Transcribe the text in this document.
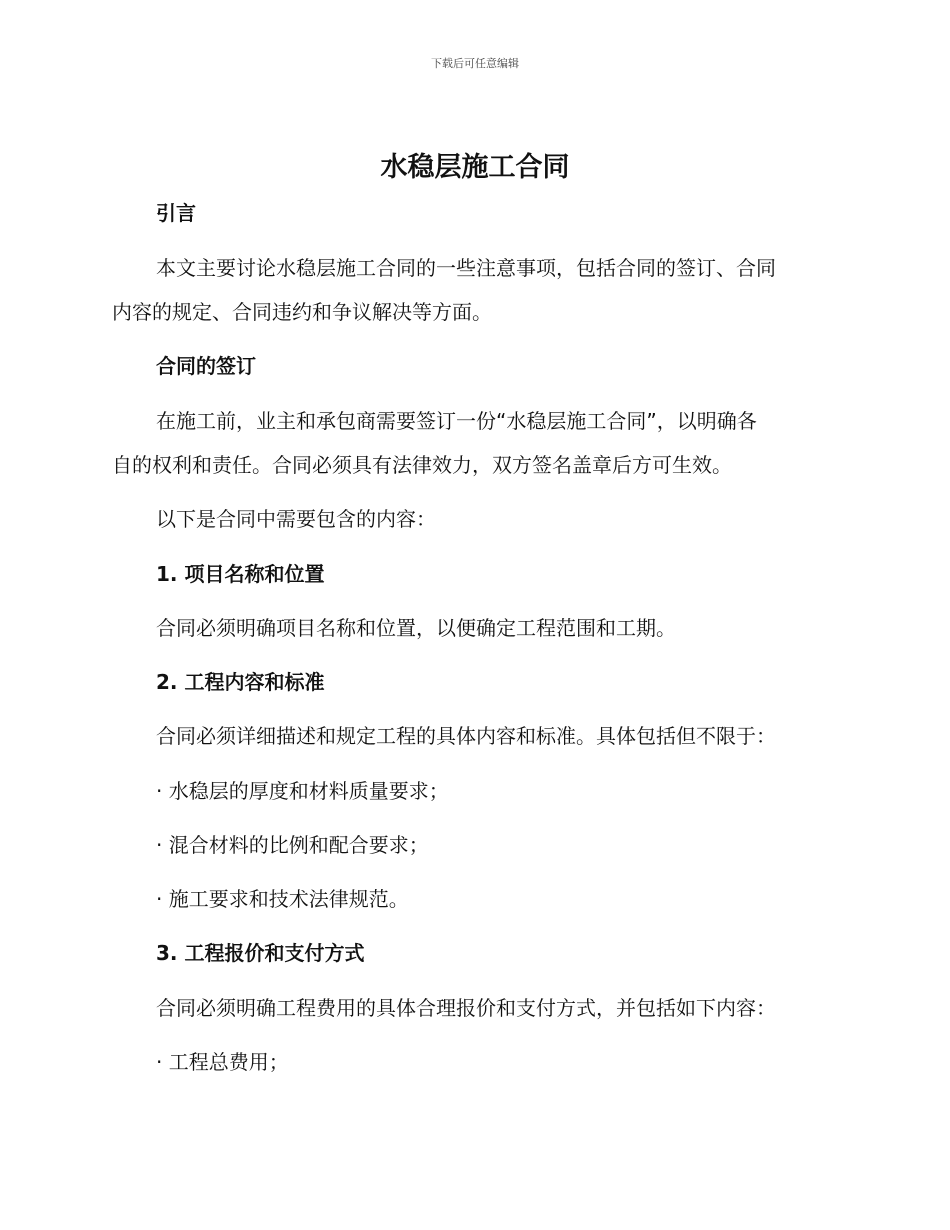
下载后可任意编辑
水稳层施工合同
引言
本文主要讨论水稳层施工合同的一些注意事项，包括合同的签订、合同
内容的规定、合同违约和争议解决等方面。
合同的签订
在施工前，业主和承包商需要签订一份“水稳层施工合同”，以明确各
自的权利和责任。合同必须具有法律效力，双方签名盖章后方可生效。
以下是合同中需要包含的内容：
1. 项目名称和位置
合同必须明确项目名称和位置，以便确定工程范围和工期。
2. 工程内容和标准
合同必须详细描述和规定工程的具体内容和标准。具体包括但不限于：
· 水稳层的厚度和材料质量要求；
· 混合材料的比例和配合要求；
· 施工要求和技术法律规范。
3. 工程报价和支付方式
合同必须明确工程费用的具体合理报价和支付方式，并包括如下内容：
· 工程总费用；
